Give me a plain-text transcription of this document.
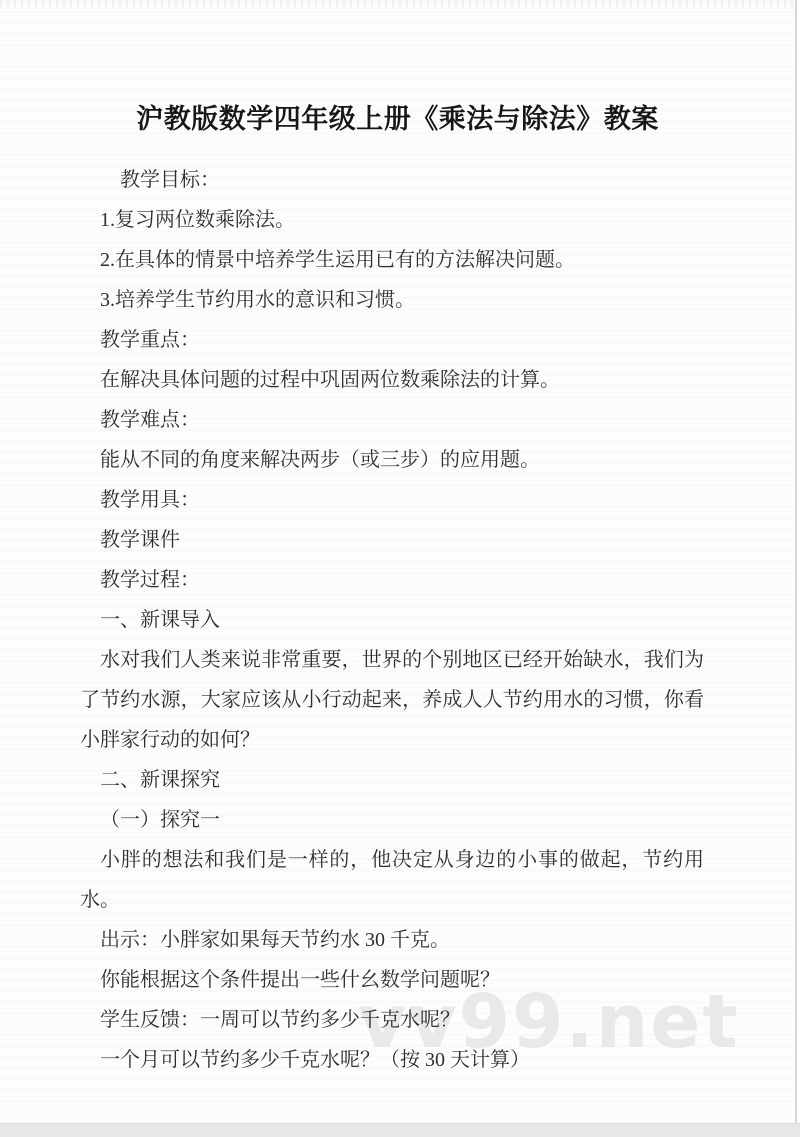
沪教版数学四年级上册《乘法与除法》教案
vv99.net

教学目标：

1.复习两位数乘除法。

2.在具体的情景中培养学生运用已有的方法解决问题。

3.培养学生节约用水的意识和习惯。

教学重点：

在解决具体问题的过程中巩固两位数乘除法的计算。

教学难点：

能从不同的角度来解决两步（或三步）的应用题。

教学用具：

教学课件

教学过程：

一、新课导入

水对我们人类来说非常重要，世界的个别地区已经开始缺水，我们为了节约水源，大家应该从小行动起来，养成人人节约用水的习惯，你看小胖家行动的如何？

二、新课探究

（一）探究一

小胖的想法和我们是一样的，他决定从身边的小事的做起，节约用水。

出示：小胖家如果每天节约水 30 千克。

你能根据这个条件提出一些什幺数学问题呢？

学生反馈：一周可以节约多少千克水呢？

一个月可以节约多少千克水呢？（按 30 天计算）
